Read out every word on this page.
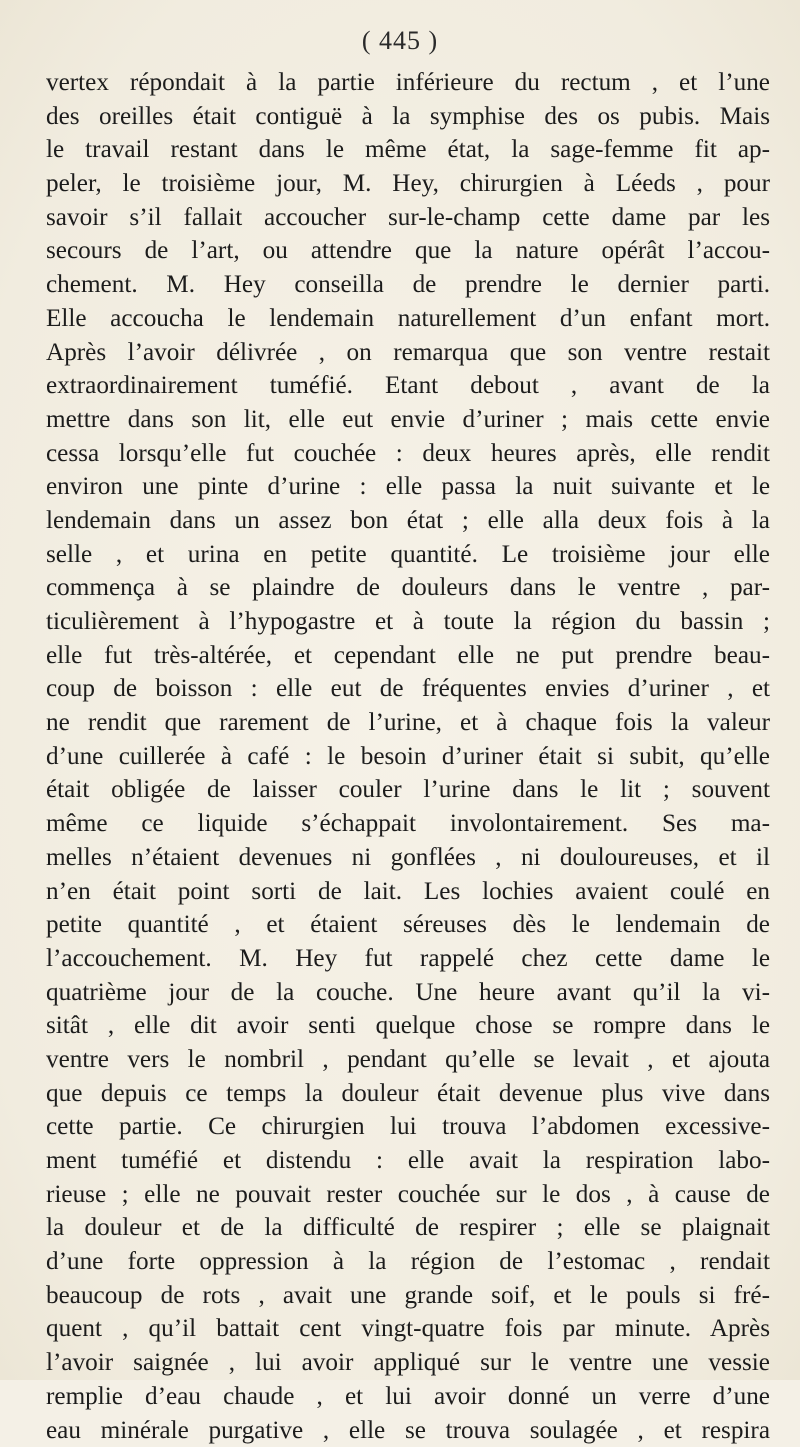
( 445 )
vertex répondait à la partie inférieure du rectum , et l’une
des oreilles était contiguë à la symphise des os pubis. Mais
le travail restant dans le même état, la sage-femme fit ap-
peler, le troisième jour, M. Hey, chirurgien à Léeds , pour
savoir s’il fallait accoucher sur-le-champ cette dame par les
secours de l’art, ou attendre que la nature opérât l’accou-
chement. M. Hey conseilla de prendre le dernier parti.
Elle accoucha le lendemain naturellement d’un enfant mort.
Après l’avoir délivrée , on remarqua que son ventre restait
extraordinairement tuméfié. Etant debout , avant de la
mettre dans son lit, elle eut envie d’uriner ; mais cette envie
cessa lorsqu’elle fut couchée : deux heures après, elle rendit
environ une pinte d’urine : elle passa la nuit suivante et le
lendemain dans un assez bon état ; elle alla deux fois à la
selle , et urina en petite quantité. Le troisième jour elle
commença à se plaindre de douleurs dans le ventre , par-
ticulièrement à l’hypogastre et à toute la région du bassin ;
elle fut très-altérée, et cependant elle ne put prendre beau-
coup de boisson : elle eut de fréquentes envies d’uriner , et
ne rendit que rarement de l’urine, et à chaque fois la valeur
d’une cuillerée à café : le besoin d’uriner était si subit, qu’elle
était obligée de laisser couler l’urine dans le lit ; souvent
même ce liquide s’échappait involontairement. Ses ma-
melles n’étaient devenues ni gonflées , ni douloureuses, et il
n’en était point sorti de lait. Les lochies avaient coulé en
petite quantité , et étaient séreuses dès le lendemain de
l’accouchement. M. Hey fut rappelé chez cette dame le
quatrième jour de la couche. Une heure avant qu’il la vi-
sitât , elle dit avoir senti quelque chose se rompre dans le
ventre vers le nombril , pendant qu’elle se levait , et ajouta
que depuis ce temps la douleur était devenue plus vive dans
cette partie. Ce chirurgien lui trouva l’abdomen excessive-
ment tuméfié et distendu : elle avait la respiration labo-
rieuse ; elle ne pouvait rester couchée sur le dos , à cause de
la douleur et de la difficulté de respirer ; elle se plaignait
d’une forte oppression à la région de l’estomac , rendait
beaucoup de rots , avait une grande soif, et le pouls si fré-
quent , qu’il battait cent vingt-quatre fois par minute. Après
l’avoir saignée , lui avoir appliqué sur le ventre une vessie
remplie d’eau chaude , et lui avoir donné un verre d’une
eau minérale purgative , elle se trouva soulagée , et respira
